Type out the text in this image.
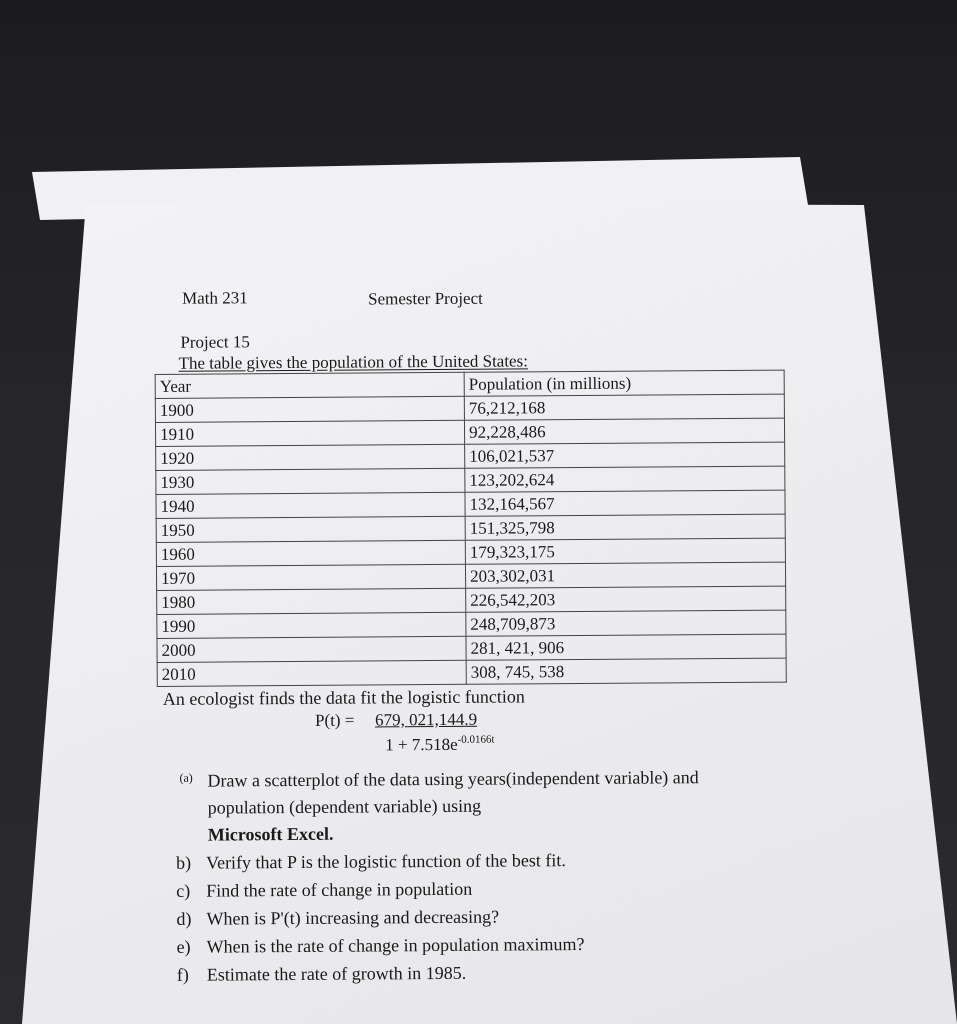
Math 231	Semester Project
Project 15
The table gives the population of the United States:
Year	Population (in millions)
1900	76,212,168
1910	92,228,486
1920	106,021,537
1930	123,202,624
1940	132,164,567
1950	151,325,798
1960	179,323,175
1970	203,302,031
1980	226,542,203
1990	248,709,873
2000	281, 421, 906
2010	308, 745, 538
An ecologist finds the data fit the logistic function
P(t) = 679, 021,144.9
$1 + 7.518e^{-0.0166t}$
(a) Draw a scatterplot of the data using years(independent variable) and population (dependent variable) using
Microsoft Excel.
b) Verify that P is the logistic function of the best fit.
c) Find the rate of change in population
d) When is P'(t) increasing and decreasing?
e) When is the rate of change in population maximum?
f) Estimate the rate of growth in 1985.
